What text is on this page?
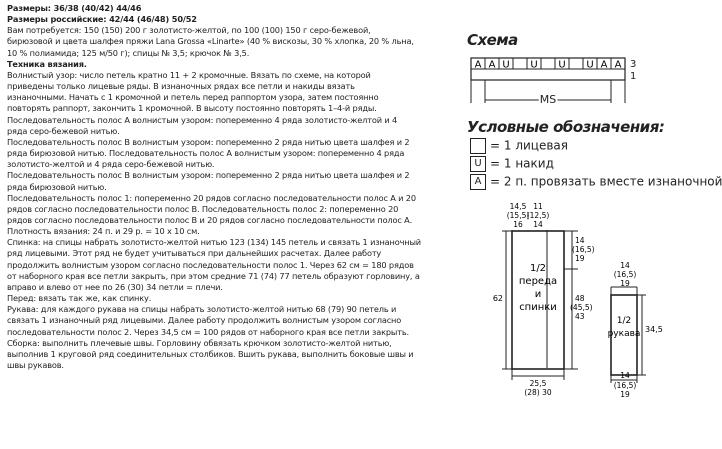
Размеры: 36/38 (40/42) 44/46

Размеры российские: 42/44 (46/48) 50/52

Вам потребуется: 150 (150) 200 г золотисто-желтой, по 100 (100) 150 г серо-бежевой,

бирюзовой и цвета шалфея пряжи Lana Grossa «Linarte» (40 % вискозы, 30 % хлопка, 20 % льна,

10 % полиамида; 125 м/50 г); спицы № 3,5; крючок № 3,5.

Техника вязания.

Волнистый узор: число петель кратно 11 + 2 кромочные. Вязать по схеме, на которой

приведены только лицевые ряды. В изнаночных рядах все петли и накиды вязать

изнаночными. Начать с 1 кромочной и петель перед раппортом узора, затем постоянно

повторять раппорт, закончить 1 кромочной. В высоту постоянно повторять 1–4-й ряды.

Последовательность полос А волнистым узором: попеременно 4 ряда золотисто-желтой и 4

ряда серо-бежевой нитью.

Последовательность полос В волнистым узором: попеременно 2 ряда нитью цвета шалфея и 2

ряда бирюзовой нитью. Последовательность полос А волнистым узором: попеременно 4 ряда

золотисто-желтой и 4 ряда серо-бежевой нитью.

Последовательность полос В волнистым узором: попеременно 2 ряда нитью цвета шалфея и 2

ряда бирюзовой нитью.

Последовательность полос 1: попеременно 20 рядов согласно последовательности полос А и 20

рядов согласно последовательности полос В. Последовательность полос 2: попеременно 20

рядов согласно последовательности полос В и 20 рядов согласно последовательности полос А.

Плотность вязания: 24 п. и 29 р. = 10 х 10 см.

Спинка: на спицы набрать золотисто-желтой нитью 123 (134) 145 петель и связать 1 изнаночный

ряд лицевыми. Этот ряд не будет учитываться при дальнейших расчетах. Далее работу

продолжить волнистым узором согласно последовательности полос 1. Через 62 см = 180 рядов

от наборного края все петли закрыть, при этом средние 71 (74) 77 петель образуют горловину, а

вправо и влево от нее по 26 (30) 34 петли = плечи.

Перед: вязать так же, как спинку.

Рукава: для каждого рукава на спицы набрать золотисто-желтой нитью 68 (79) 90 петель и

связать 1 изнаночный ряд лицевыми. Далее работу продолжить волнистым узором согласно

последовательности полос 2. Через 34,5 см = 100 рядов от наборного края все петли закрыть.

Сборка: выполнить плечевые швы. Горловину обвязать крючком золотисто-желтой нитью,

выполнив 1 круговой ряд соединительных столбиков. Вшить рукава, выполнить боковые швы и

швы рукавов.

Схема
A A U U U U A A 3
1
MS
Условные обозначения:
= 1 лицевая
U = 1 накид
A = 2 п. провязать вместе изнаночной
14,5
(15,5)
16
11
(12,5)
14
62
14
(16,5)
19
48
(45,5)
43
1/2
переда
и
спинки
25,5
(28) 30
14
(16,5)
19
34,5
1/2
рукава
14
(16,5)
19
